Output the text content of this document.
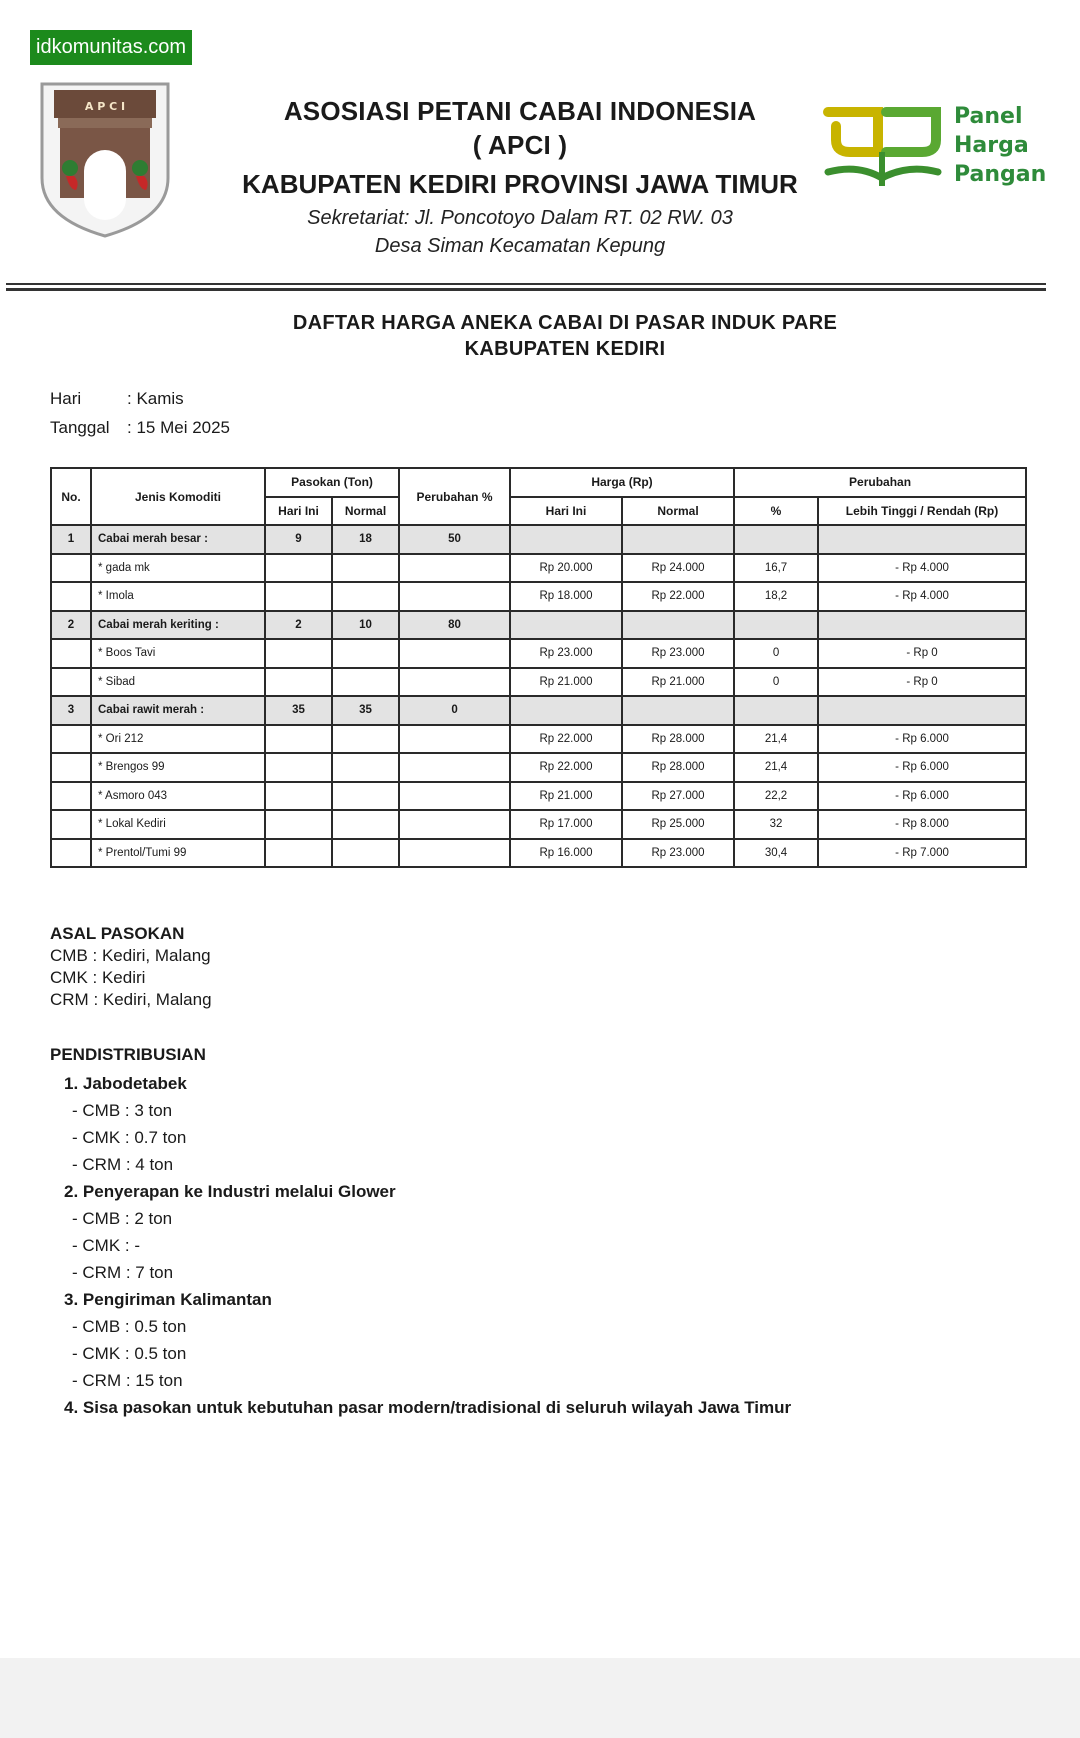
idkomunitas.com
A P C I	ASOSIASI PETANI CABAI INDONESIA
( APCI )
KABUPATEN KEDIRI PROVINSI JAWA TIMUR
Sekretariat: Jl. Poncotoyo Dalam RT. 02 RW. 03
Desa Siman Kecamatan Kepung
Panel
Harga
Pangan
DAFTAR HARGA ANEKA CABAI DI PASAR INDUK PARE
KABUPATEN KEDIRI
Hari	: Kamis
Tanggal	: 15 Mei 2025
No.	Jenis Komoditi	Pasokan (Ton)		Perubahan %	Harga (Rp)		Perubahan	
		Hari Ini	Normal		Hari Ini	Normal	%	Lebih Tinggi / Rendah (Rp)
1	Cabai merah besar :	9	18	50				
	* gada mk				Rp 20.000	Rp 24.000	16,7	- Rp 4.000
	* Imola				Rp 18.000	Rp 22.000	18,2	- Rp 4.000
2	Cabai merah keriting :	2	10	80				
	* Boos Tavi				Rp 23.000	Rp 23.000	0	- Rp 0
	* Sibad				Rp 21.000	Rp 21.000	0	- Rp 0
3	Cabai rawit merah :	35	35	0				
	* Ori 212				Rp 22.000	Rp 28.000	21,4	- Rp 6.000
	* Brengos 99				Rp 22.000	Rp 28.000	21,4	- Rp 6.000
	* Asmoro 043				Rp 21.000	Rp 27.000	22,2	- Rp 6.000
	* Lokal Kediri				Rp 17.000	Rp 25.000	32	- Rp 8.000
	* Prentol/Tumi 99				Rp 16.000	Rp 23.000	30,4	- Rp 7.000
ASAL PASOKAN
CMB : Kediri, Malang
CMK : Kediri
CRM : Kediri, Malang
PENDISTRIBUSIAN
1. Jabodetabek
- CMB : 3 ton
- CMK : 0.7 ton
- CRM : 4 ton
2. Penyerapan ke Industri melalui Glower
- CMB : 2 ton
- CMK : -
- CRM : 7 ton
3. Pengiriman Kalimantan
- CMB : 0.5 ton
- CMK : 0.5 ton
- CRM : 15 ton
4. Sisa pasokan untuk kebutuhan pasar modern/tradisional di seluruh wilayah Jawa Timur
